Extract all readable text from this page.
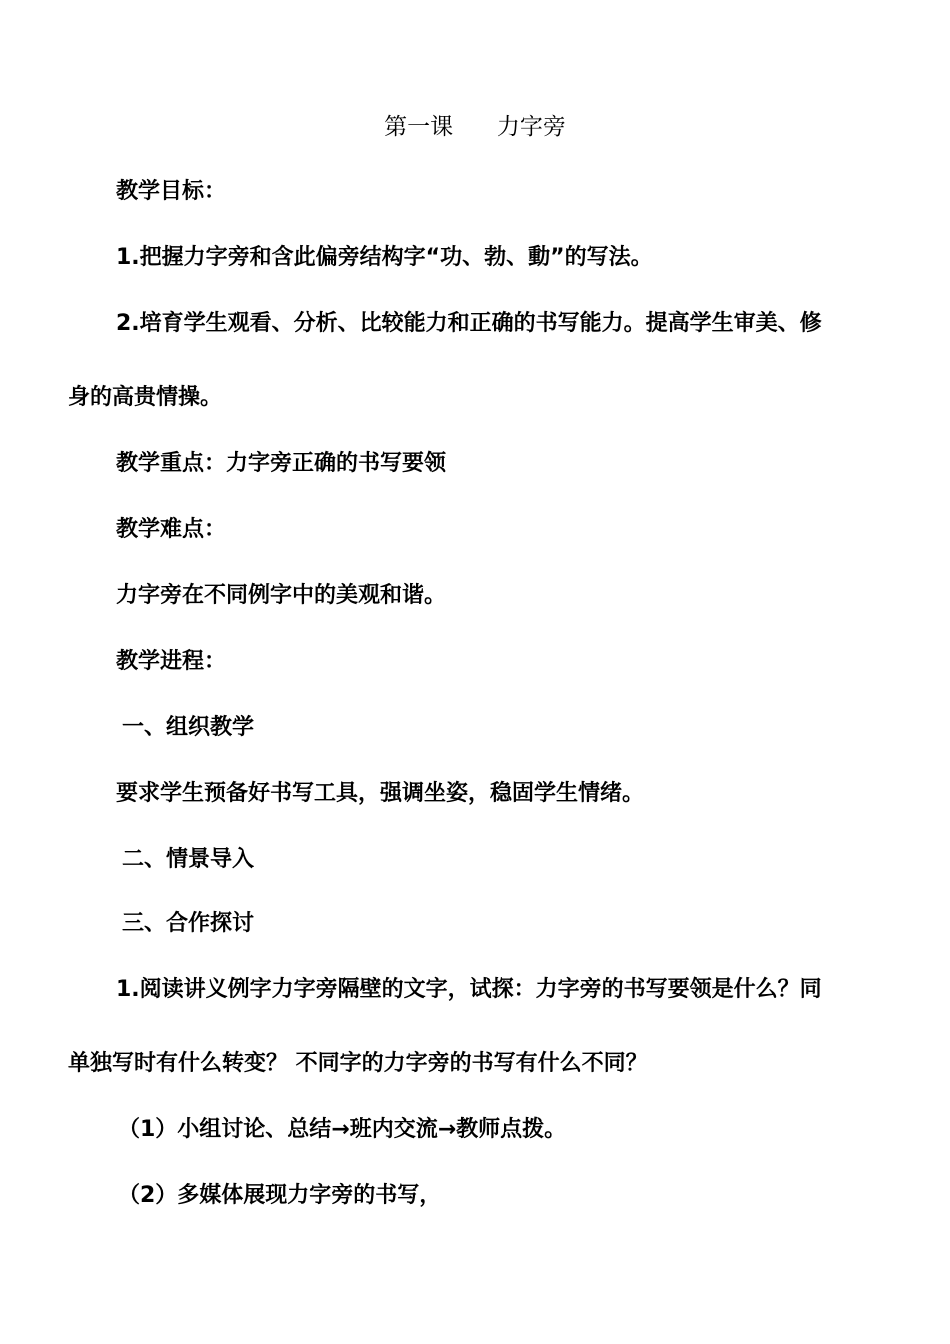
第一课      力字旁
教学目标：
1.把握力字旁和含此偏旁结构字“功、勃、動”的写法。
2.培育学生观看、分析、比较能力和正确的书写能力。提高学生审美、修
身的高贵情操。
教学重点：力字旁正确的书写要领
教学难点：
力字旁在不同例字中的美观和谐。
教学进程：
一、组织教学
要求学生预备好书写工具，强调坐姿，稳固学生情绪。
二、情景导入
三、合作探讨
1.阅读讲义例字力字旁隔壁的文字，试探：力字旁的书写要领是什么？同
单独写时有什么转变？ 不同字的力字旁的书写有什么不同？
（1）小组讨论、总结→班内交流→教师点拨。
（2）多媒体展现力字旁的书写，
